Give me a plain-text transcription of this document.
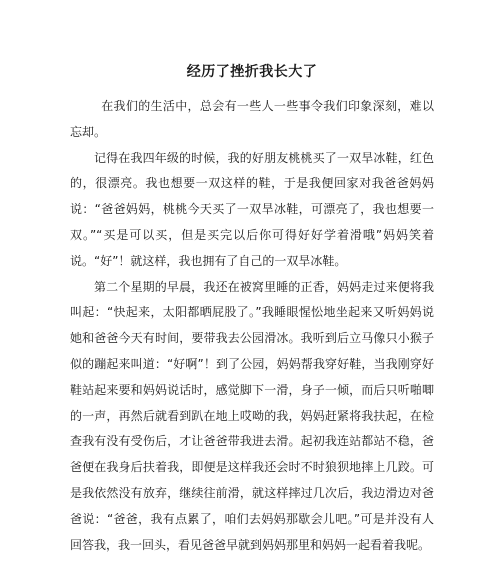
经历了挫折我长大了

在我们的生活中，总会有一些人一些事令我们印象深刻，难以忘却。

记得在我四年级的时候，我的好朋友桃桃买了一双旱冰鞋，红色的，很漂亮。我也想要一双这样的鞋，于是我便回家对我爸爸妈妈说：“爸爸妈妈，桃桃今天买了一双旱冰鞋，可漂亮了，我也想要一双。”“买是可以买，但是买完以后你可得好好学着滑哦”妈妈笑着说。“好”！就这样，我也拥有了自己的一双旱冰鞋。

第二个星期的早晨，我还在被窝里睡的正香，妈妈走过来便将我叫起：“快起来，太阳都晒屁股了。”我睡眼惺忪地坐起来又听妈妈说她和爸爸今天有时间，要带我去公园滑冰。我听到后立马像只小猴子似的蹦起来叫道：“好啊”！到了公园，妈妈帮我穿好鞋，当我刚穿好鞋站起来要和妈妈说话时，感觉脚下一滑，身子一倾，而后只听啪唧的一声，再然后就看到趴在地上哎呦的我，妈妈赶紧将我扶起，在检查我有没有受伤后，才让爸爸带我进去滑。起初我连站都站不稳，爸爸便在我身后扶着我，即便是这样我还会时不时狼狈地摔上几跤。可是我依然没有放弃，继续往前滑，就这样摔过几次后，我边滑边对爸爸说：“爸爸，我有点累了，咱们去妈妈那歇会儿吧。”可是并没有人回答我，我一回头，看见爸爸早就到妈妈那里和妈妈一起看着我呢。
